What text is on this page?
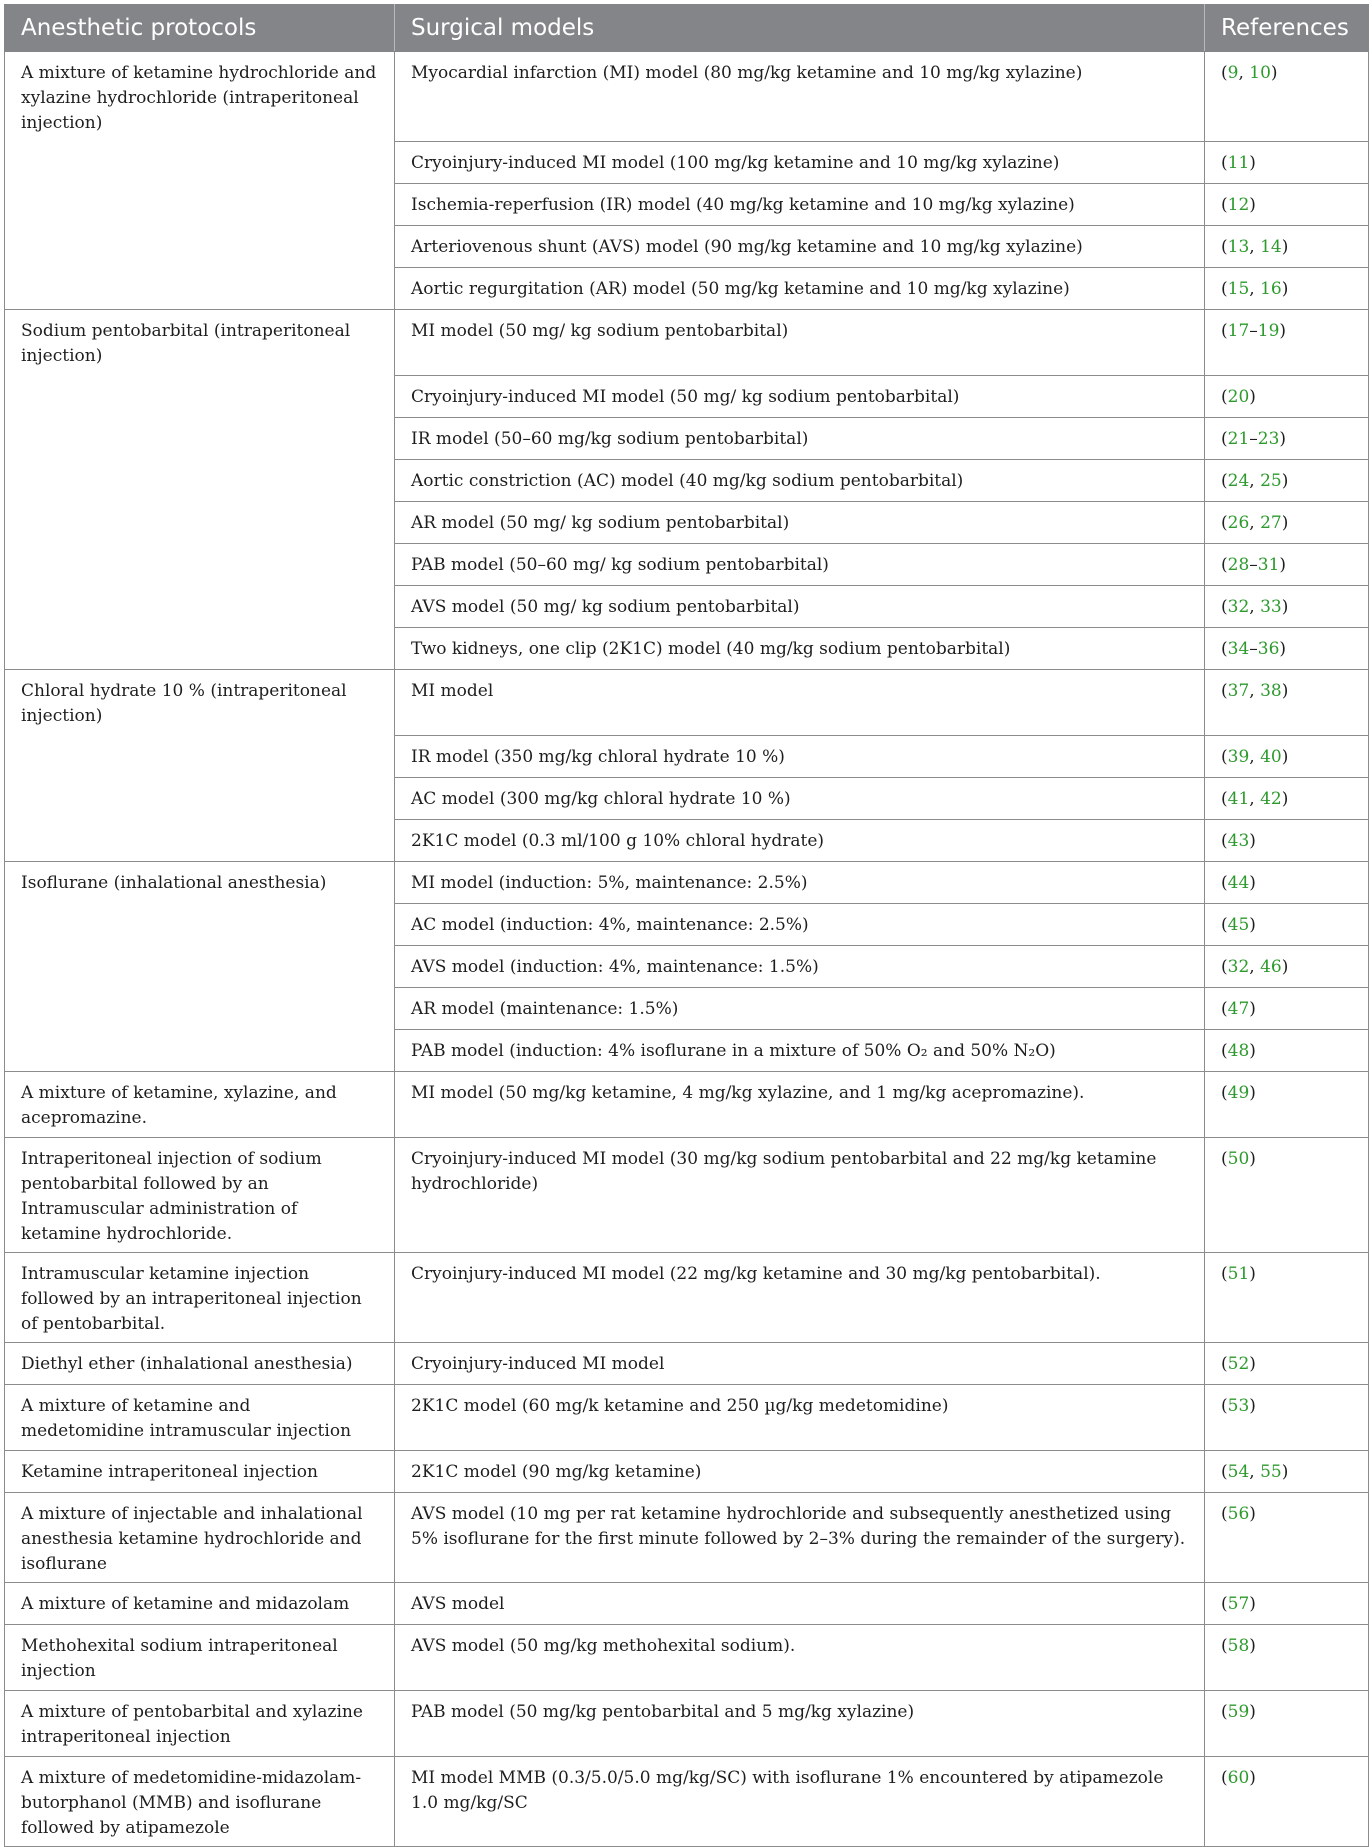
Anesthetic protocols	Surgical models	References
A mixture of ketamine hydrochloride and xylazine hydrochloride (intraperitoneal injection)	Myocardial infarction (MI) model (80 mg/kg ketamine and 10 mg/kg xylazine)	(9, 10)
	Cryoinjury-induced MI model (100 mg/kg ketamine and 10 mg/kg xylazine)	(11)
	Ischemia-reperfusion (IR) model (40 mg/kg ketamine and 10 mg/kg xylazine)	(12)
	Arteriovenous shunt (AVS) model (90 mg/kg ketamine and 10 mg/kg xylazine)	(13, 14)
	Aortic regurgitation (AR) model (50 mg/kg ketamine and 10 mg/kg xylazine)	(15, 16)
Sodium pentobarbital (intraperitoneal injection)	MI model (50 mg/ kg sodium pentobarbital)	(17–19)
	Cryoinjury-induced MI model (50 mg/ kg sodium pentobarbital)	(20)
	IR model (50–60 mg/kg sodium pentobarbital)	(21–23)
	Aortic constriction (AC) model (40 mg/kg sodium pentobarbital)	(24, 25)
	AR model (50 mg/ kg sodium pentobarbital)	(26, 27)
	PAB model (50–60 mg/ kg sodium pentobarbital)	(28–31)
	AVS model (50 mg/ kg sodium pentobarbital)	(32, 33)
	Two kidneys, one clip (2K1C) model (40 mg/kg sodium pentobarbital)	(34–36)
Chloral hydrate 10 % (intraperitoneal injection)	MI model	(37, 38)
	IR model (350 mg/kg chloral hydrate 10 %)	(39, 40)
	AC model (300 mg/kg chloral hydrate 10 %)	(41, 42)
	2K1C model (0.3 ml/100 g 10% chloral hydrate)	(43)
Isoflurane (inhalational anesthesia)	MI model (induction: 5%, maintenance: 2.5%)	(44)
	AC model (induction: 4%, maintenance: 2.5%)	(45)
	AVS model (induction: 4%, maintenance: 1.5%)	(32, 46)
	AR model (maintenance: 1.5%)	(47)
	PAB model (induction: 4% isoflurane in a mixture of 50% O₂ and 50% N₂O)	(48)
A mixture of ketamine, xylazine, and acepromazine.	MI model (50 mg/kg ketamine, 4 mg/kg xylazine, and 1 mg/kg acepromazine).	(49)
Intraperitoneal injection of sodium pentobarbital followed by an Intramuscular administration of ketamine hydrochloride.	Cryoinjury-induced MI model (30 mg/kg sodium pentobarbital and 22 mg/kg ketamine hydrochloride)	(50)
Intramuscular ketamine injection followed by an intraperitoneal injection of pentobarbital.	Cryoinjury-induced MI model (22 mg/kg ketamine and 30 mg/kg pentobarbital).	(51)
Diethyl ether (inhalational anesthesia)	Cryoinjury-induced MI model	(52)
A mixture of ketamine and medetomidine intramuscular injection	2K1C model (60 mg/k ketamine and 250 µg/kg medetomidine)	(53)
Ketamine intraperitoneal injection	2K1C model (90 mg/kg ketamine)	(54, 55)
A mixture of injectable and inhalational anesthesia ketamine hydrochloride and isoflurane	AVS model (10 mg per rat ketamine hydrochloride and subsequently anesthetized using 5% isoflurane for the first minute followed by 2–3% during the remainder of the surgery).	(56)
A mixture of ketamine and midazolam	AVS model	(57)
Methohexital sodium intraperitoneal injection	AVS model (50 mg/kg methohexital sodium).	(58)
A mixture of pentobarbital and xylazine intraperitoneal injection	PAB model (50 mg/kg pentobarbital and 5 mg/kg xylazine)	(59)
A mixture of medetomidine-midazolam-butorphanol (MMB) and isoflurane followed by atipamezole	MI model MMB (0.3/5.0/5.0 mg/kg/SC) with isoflurane 1% encountered by atipamezole 1.0 mg/kg/SC	(60)
